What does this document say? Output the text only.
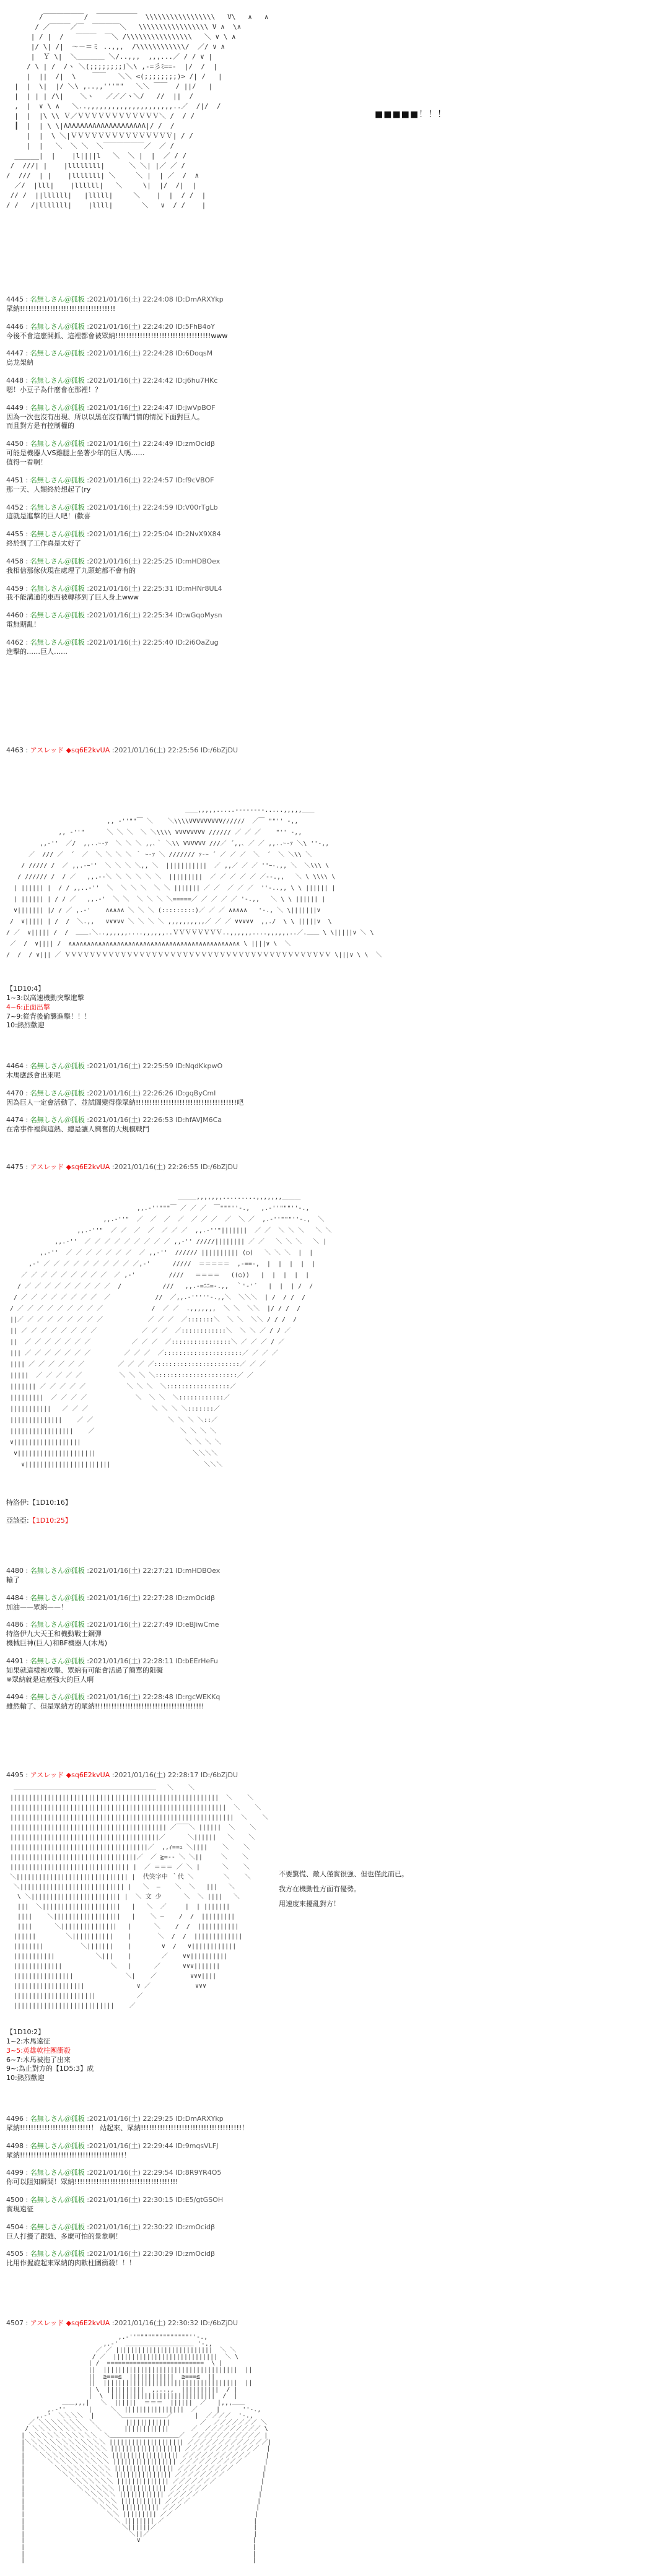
/￣￣￣￣￣￣/  ￣￣￣￣￣￣  \\\\\\\\\\\\\\\\\   V\   ∧   ∧
/ ／￣￣￣／￣  ￣￣￣￣＼   \\\\\\\\\\\\\\\\\ V ∧  \∧
| / |  /   ￣￣￣  ￣＼ /\\\\\\\\\\\\\\\\   ＼ ∨ \ ∧
|/ \| /|  ～－＝ミ ..,,,  /\\\\\\\\\\\\/  ／/ ∨ ∧
|  Ｙ \|  ＼＿＿＿＿ ＼/..,,,  ,,,...／ / / ∨ |
/ \ | /  /ヽ ＼(;;;;;;;;)＼\ ,-=彡ﾐ==-  |/  /  |
|  ||  /|  \    ￣￣   ＼＼ <(;;;;;;;;)> /| /   |
|  |  \|  |/ ＼\ ,..,,'''""   ＼＼ ￣￣  / ||/   |
|  | | | /\|    ＼ヽ   ／／／ヽ＼/   //  ||  /
,  |  ∨ \ ∧   ＼..,,,,,,,,,,,,,,,,,,,,,..／  /|/  /
|  |  |\ \\ Ｖ／ＶＶＶＶＶＶＶＶＶＶＶＶ＼ /  / /
┃  |  | \ \|ΛΛΛΛΛΛΛΛΛΛΛΛΛΛΛΛΛΛΛΛ|/ /  /
|  |  \ ＼|ＶＶＶＶＶＶＶＶＶＶＶＶＶＶＶ| / /
|  |   ＼  ＼ ＼  ＼￣￣￣￣￣￣／  ／ /
______|  |    |l||||l   ＼  ＼ |  |  ／ / /
/  ///| |    |llllllll|      ＼ ＼| |／ ／ /
/  ///  | |    |lllllll| ＼     ＼ |  | ／  /  ∧
／/  |lll|    |llllll|   ＼     \|  |/  /|  |
// /  ||llllll|   |lllll|     ＼    |  |  / /  |
/ /   /|lllllll|    |llll|       ＼   ∨  / /    |

■■■■■！！！
4445 : 名無しさん＠狐板 :2021/01/16(土) 22:24:08 ID:DmARXYkp
眾納!!!!!!!!!!!!!!!!!!!!!!!!!!!!!!!!!!!
4446 : 名無しさん＠狐板 :2021/01/16(土) 22:24:20 ID:5FhB4oY
今後不會這麼開抓、這裡都會被眾納!!!!!!!!!!!!!!!!!!!!!!!!!!!!!!!!!!!www
4447 : 名無しさん＠狐板 :2021/01/16(土) 22:24:28 ID:6DoqsM
烏龙架納
4448 : 名無しさん＠狐板 :2021/01/16(土) 22:24:42 ID:j6hu7HKc
嗯！小豆子為什麼會在那裡！？
4449 : 名無しさん＠狐板 :2021/01/16(土) 22:24:47 ID:jwVpBOF
因為一次也沒有出現、所以以黑在沒有戰鬥情的情況下面對巨人。
而且對方是有控制權的
4450 : 名無しさん＠狐板 :2021/01/16(土) 22:24:49 ID:zmOcidβ
可能是機器人VS雞腿上坐著少年的巨人嗎……
值得一看啊！
4451 : 名無しさん＠狐板 :2021/01/16(土) 22:24:57 ID:f9cVBOF
那一天、人類終於想起了(ry
4452 : 名無しさん＠狐板 :2021/01/16(土) 22:24:59 ID:V00rTgLb
這就是進擊的巨人吧！(歡喜
4455 : 名無しさん＠狐板 :2021/01/16(土) 22:25:04 ID:2NvX9X84
終於到了工作真是太好了
4458 : 名無しさん＠狐板 :2021/01/16(土) 22:25:25 ID:mHDBOex
我相信那傢伙現在處理了九頭蛇都不會有的
4459 : 名無しさん＠狐板 :2021/01/16(土) 22:25:31 ID:mHNr8UL4
我不能溝通的東西被轉移到了巨人身上www
4460 : 名無しさん＠狐板 :2021/01/16(土) 22:25:34 ID:wGqoMysn
電無期亂！
4462 : 名無しさん＠狐板 :2021/01/16(土) 22:25:40 ID:2i6OaZug
進擊的……巨人……
4463 : アスレッド ◆sq6E2kvUA :2021/01/16(土) 22:25:56 ID:/6bZjDU
＿＿,,,,,.....--------.....,,,,,＿＿
,, -''""￣ ＼    ＼\\\\VVVVVVVVV//////  ／￣ ""'' -,,
,, -''"      ＼ ＼ ＼  ＼ ＼\\\\ VVVVVVVV ////// ／ ／ ／    "'' -,,
,,-''  ／/  ,,..ｰ-ｧ  ＼ ＼ ＼ ,,､｀ ＼\\ VVVVVV ///／ ´,,､ ／ ／ ,,..ｰ-ｧ ＼\ ''-,,
／  /// ／  ´  ／  ＼ ＼ ＼ ＼ ｀ ｰ-ｧ ＼ /////// ｧ-ｰ ´ ／ ／ ／  ＼  ´  ＼ ＼\\ ＼
/ ///// /  ／ ,,.-ｰ''  ＼ ＼ ＼ ＼,, ＼  |||||||||||  ／ ,,／ ／ ／ ''ｰ-.,, ＼  ＼\\\ \
/ ////// /  / ／   ,,.--＼ ＼ ＼ ＼ ＼ ＼  |||||||||  ／ ／ ／ ／ ／ ／--.,,   ＼ \ \\\\ \
| |||||| |  / / ,,..-''  ＼  ＼ ＼ ＼  ＼ ＼ ||||||| ／ ／  ／ ／ ／  ''-..,, \ \ |||||| |
| |||||| | / / ／   ,,.-'  ＼ ＼  ＼ ＼ ＼ ＼=====／ ／ ／ ／ ／ '-.,,   ＼ \ \ |||||| |
∨||||||| |/ / ／ ,.-'    ∧∧∧∧∧ ＼ ＼ ＼ (:::::::::)／ ／ ／ ∧∧∧∧∧   '-., ＼ \|||||||∨
/  ∨||||| | /  /  ＼.,,   ∨∨∨∨∨ ＼ ＼ ＼ ＼ ,,,,,,,,,,／ ／ ／ ∨∨∨∨∨  ,,./  \ \ |||||∨  \
/ ／  ∨||||| /  /  ＿＿.＼..,,,,,,....,,,,,,..ＶＶＶＶＶＶＶＶ..,,,,,,....,,,,,,..／.＿＿ \ \|||||∨ ＼ \
／  /  ∨|||| /  ∧∧∧∧∧∧∧∧∧∧∧∧∧∧∧∧∧∧∧∧∧∧∧∧∧∧∧∧∧∧∧∧∧∧∧∧∧∧∧∧∧∧∧∧∧∧ \ ||||∨ \  ＼
/  /  / ∨||| ／ ＶＶＶＶＶＶＶＶＶＶＶＶＶＶＶＶＶＶＶＶＶＶＶＶＶＶＶＶＶＶＶＶＶＶＶＶＶＶＶＶＶＶＶ \|||∨ \ \  ＼

【1D10:4】
1~3:以高速機動突擊進擊
4~6:正面出擊
7~9:從背後偷襲進擊！！！
10:熱烈歡迎
4464 : 名無しさん＠狐板 :2021/01/16(土) 22:25:59 ID:NqdKkpwO
木馬應該會出來呢
4470 : 名無しさん＠狐板 :2021/01/16(土) 22:26:26 ID:gqByCmI
因為巨人一定會活動了、並試圖變得像眾納!!!!!!!!!!!!!!!!!!!!!!!!!!!!!!!!!!!!!吧
4474 : 名無しさん＠狐板 :2021/01/16(土) 22:26:53 ID:hfAVJM6Ca
在常事件裡與這熱、總是讓人興奮的大規模戰鬥
4475 : アスレッド ◆sq6E2kvUA :2021/01/16(土) 22:26:55 ID:/6bZjDU
＿＿＿,,,,,,,.........,,,,,,,＿＿＿
,,.-''"""￣ ／ ／ ／  ￣"""''-.,   ,.-''"""''-.,
,,.-''"  ／  ／  ／  ／  ／ ／ ／  ／  ＼ ／  ,.-''"""''-.,  ＼
,,.-''"  ／ ／  ／  ／  ／ ／ ／  ,,.-''"|||||||  ／ ／  ＼ ＼ ＼   ＼ ＼
,,.-''  ／ ／ ／ ／ ／ ／ ／ ／ ／ ,,-'' /////|||||||| ／ ／   ＼ ＼ ＼   ＼ |
,.-''  ／ ／ ／ ／ ／ ／ ／  ／ ,,-''  ////// |||||||||| (○)   ＼ ＼ ＼  |  |
,-' ／ ／ ／ ／ ／ ／ ／ ／ ／ ／,-'      /////  ＝＝＝＝＝  ,-==-,  |  |  |  |  |
／ ／ ／ ／ ／ ／ ／ ／ ／  ／ ,-'         ////   ＝＝＝＝   ((○))   |  |  |  |  |
/ ／ ／ ／ ／ ／ ／ ／ ／ ／  /           ///   ,,.-=ﾆﾆ=-.,,  ｀'-'´   |  |  | /  /
/ ／ ／ ／ ／ ／ ／ ／ ／  ／            //  ／,,.-'''''-.,,＼  ＼＼＼  | /  / /  /
/ ／ ／ ／ ／ ／ ／ ／ ／ ／             /  ／ ／  .,,,,,,,  ＼ ＼  ＼＼  |/ / /  /
||／ ／ ／ ／ ／ ／ ／ ／ ／            ／ ／ ／  ／:::::::＼  ＼ ＼  ＼＼ / / /  /
|| ／ ／ ／ ／ ／ ／ ／ ／            ／ ／ ／  ／::::::::::::＼  ＼ ＼ ／ / / ／
||  ／ ／ ／ ／ ／ ／ ／           ／ ／ ／  ／::::::::::::::::＼ ／ ／ ／ / ／
||| ／ ／ ／ ／ ／ ／ ／         ／ ／ ／  ／:::::::::::::::::::::／ ／ ／ ／
|||| ／ ／ ／ ／ ／ ／         ／ ／ ／ ／:::::::::::::::::::::::／ ／ ／
|||||  ／ ／ ／ ／ ／          ＼ ＼ ＼ ＼::::::::::::::::::::::／ ／
||||||| ／ ／ ／ ／ ／           ＼ ＼ ＼  ＼:::::::::::::::::／
|||||||||  ／ ／ ／ ／             ＼  ＼ ＼  ＼::::::::::::／
|||||||||||   ／ ／ ／                 ＼ ＼ ＼ ＼:::::::／
||||||||||||||    ／ ／                    ＼ ＼ ＼ ＼::／
|||||||||||||||||    ／                       ＼ ＼ ＼ ＼
∨||||||||||||||||||                            ＼ ＼ ＼ ＼
∨|||||||||||||||||||||                          ＼＼＼＼
∨|||||||||||||||||||||||                         ＼＼＼

特洛伊:【1D10:16】
亞該亞:【1D10:25】
4480 : 名無しさん＠狐板 :2021/01/16(土) 22:27:21 ID:mHDBOex
輸了
4484 : 名無しさん＠狐板 :2021/01/16(土) 22:27:28 ID:zmOcidβ
加油——眾納——！
4486 : 名無しさん＠狐板 :2021/01/16(土) 22:27:49 ID:eBJiwCme
特洛伊九大天王和機動戰士鋼彈
機械巨神(巨人)和BF機器人(木馬)
4491 : 名無しさん＠狐板 :2021/01/16(土) 22:28:11 ID:bEErHeFu
如果就這樣被攻擊、眾納有可能會活過了簡單的阻礙
※眾納就是這麼強大的巨人啊
4494 : 名無しさん＠狐板 :2021/01/16(土) 22:28:48 ID:rgcWEKKq
雖然輸了、但是眾納方的眾納!!!!!!!!!!!!!!!!!!!!!!!!!!!!!!!!!!!!!!!!
4495 : アスレッド ◆sq6E2kvUA :2021/01/16(土) 22:28:17 ID:/6bZjDU
＿＿＿＿＿＿＿＿＿＿＿＿＿＿＿＿＿＿＿＿＿＿＿   ＼    ＼
||||||||||||||||||||||||||||||||||||||||||||||||||||||||  ＼    ＼
||||||||||||||||||||||||||||||||||||||||||||||||||||||||||  ＼    ＼
||||||||||||||||||||||||||||||||||||||||||||||||||||||||||||  ＼    ＼
|||||||||||||||||||||||||||||||||||||||||| ／￣￣＼ ||||||  ＼    ＼
||||||||||||||||||||||||||||||||||||||||／      ＼||||||   ＼    ＼
|||||||||||||||||||||||||||||||||||||／  ,,ｨ==ｭ ＼||||    ＼    ＼
||||||||||||||||||||||||||||||||||／  ／ ≧=-- ＼ ＼||     ＼    ＼
|||||||||||||||||||||||||||||||| |  ／ ＝＝＝ ／ ＼ |      ＼    ＼
＼|||||||||||||||||||||||||||||| |  代笑字中 ｀代 ＼        ＼    ＼
＼|||||||||||||||||||||||||||| |   ＼  ―    ＼  ＼   |||   ＼
\ ＼|||||||||||||||||||||||| |  ＼ 文 少      ＼  ＼ ||||   ＼
|||  ＼|||||||||||||||||||||   |   ＼  ／     |  | |||||||
||||    ＼||||||||||||||||||   |    ＼ ―    /  /  |||||||||
||||      ＼|||||||||||||||   |      ＼    /  /  |||||||||||
||||||        ＼|||||||||||    |       ＼  /  /  |||||||||||||
||||||||          ＼|||||||    |        ∨  /   ∨||||||||||||
|||||||||||           ＼|||    |        ／    ∨∨||||||||||
|||||||||||||             ＼   |      ／      ∨∨∨|||||||
||||||||||||||||              ＼|    ／         ∨∨∨||||
|||||||||||||||||||              ∨ ／            ∨∨∨
||||||||||||||||||||||           ／
|||||||||||||||||||||||||||    ／

不要驚慌、敵人僅實很強、但也僅此而已。
我方在機動性方面有優勢。
用速度來擾亂對方！
【1D10:2】
1~2:木馬遠征
3~5:英雄軟柱團衝殺
6~7:木馬被拖了出來
9~:為止對方的【1D5:3】成
10:熱烈歡迎
4496 : 名無しさん＠狐板 :2021/01/16(土) 22:29:25 ID:DmARXYkp
眾納!!!!!!!!!!!!!!!!!!!!!!!!!!！ 站起來、眾納!!!!!!!!!!!!!!!!!!!!!!!!!!!!!!!!!!!!!！
4498 : 名無しさん＠狐板 :2021/01/16(土) 22:29:44 ID:9mqsVLFJ
眾納!!!!!!!!!!!!!!!!!!!!!!!!!!!!!!!!!!!!!!！
4499 : 名無しさん＠狐板 :2021/01/16(土) 22:29:54 ID:8R9YR4O5
你可以阻知瞬間！眾納!!!!!!!!!!!!!!!!!!!!!!!!!!!!!!!!!!!!!!
4500 : 名無しさん＠狐板 :2021/01/16(土) 22:30:15 ID:E5/gtGSOH
實現遠征
4504 : 名無しさん＠狐板 :2021/01/16(土) 22:30:22 ID:zmOcidβ
巨人打擾了跟隨、多麼可怕的景象啊！
4505 : 名無しさん＠狐板 :2021/01/16(土) 22:30:29 ID:zmOcidβ
比用作握旋起來眾納的肉軟柱團衝殺！！！
4507 : アスレッド ◆sq6E2kvUA :2021/01/16(土) 22:30:32 ID:/6bZjDU
,.-''""""""""""""""''-.,
,.-'  ＿＿＿＿＿＿＿＿＿＿＿ '-.,
／ ／ ||||||||||||||||||||||||||  ＼ ＼
/ ／  ||||||||||||||||||||||||||||  ＼ \
| /  ==========================  \ |
||  ||||||||||||||||||||||||||||||||||||  ||
||  ≧===≦  ||||||||||||  ≧===≦  ||
||  ||||||||||||||||||||||||||||||||||||  ||
| \  ||||||||||  ,,..,,  ||||||||||  / |
|  \  ||||||||||||||||||||||||||||  /  |
＿＿,,,|   ＼  ||||||  ＝＝＝  ||||||  ／   |,,,＿＿
,.-''      |     ＼  ||||||||||||||||  ／     |      ''-.,
,.-'  ＼＼＼＼  |      ＼＿＿＿＿＿＿＿／      |  ／／／／  '-.,
／ ＼＼＼＼＼＼＼  ＼        ||||||||||||        ／  ／／／／／／／ ＼
/ ＼＼＼＼＼＼＼＼＼  ＼      ||||||||||||      ／  ／／／／／／／／／ \
| ＼＼＼＼＼＼＼＼＼＼＼  ＼＿＿＿＿＿＿＿＿＿＿＿／  ／／／／／／／／／／／ |
|＼＼＼＼＼＼＼＼＼＼＼＼＼ |||||||||||||||||||| ／／／／／／／／／／／／／|
|  ＼＼＼＼＼＼＼＼＼＼＼＼ ||||||||||||||||||| ／／／／／／／／／／／／  |
|    ＼＼＼＼＼＼＼＼＼＼＼ |||||||||||||||||| ／／／／／／／／／／／    |
|      ＼＼＼＼＼＼＼＼＼＼ ||||||||||||||||| ／／／／／／／／／／      |
|        ＼＼＼＼＼＼＼＼＼ |||||||||||||||| ／／／／／／／／／        |
|          ＼＼＼＼＼＼＼＼ ||||||||||||||| ／／／／／／／／          |
|            ＼＼＼＼＼＼＼ |||||||||||||| ／／／／／／／            |
|              ＼＼＼＼＼＼ ||||||||||||| ／／／／／／              |
|                ＼＼＼＼＼ |||||||||||| ／／／／／                |
|                  ＼＼＼＼ ||||||||||| ／／／／                  |
|                    ＼＼＼ |||||||||| ／／／                    |
|                      ＼＼ ||||||||| ／／                      |
|                        ＼ |||||||| ／                        |
|                          ＼||||||／                          |
|                            ＼||／                            |
|                              ∨                              |
|                                                             |
|                                                             |
|                                                             |
